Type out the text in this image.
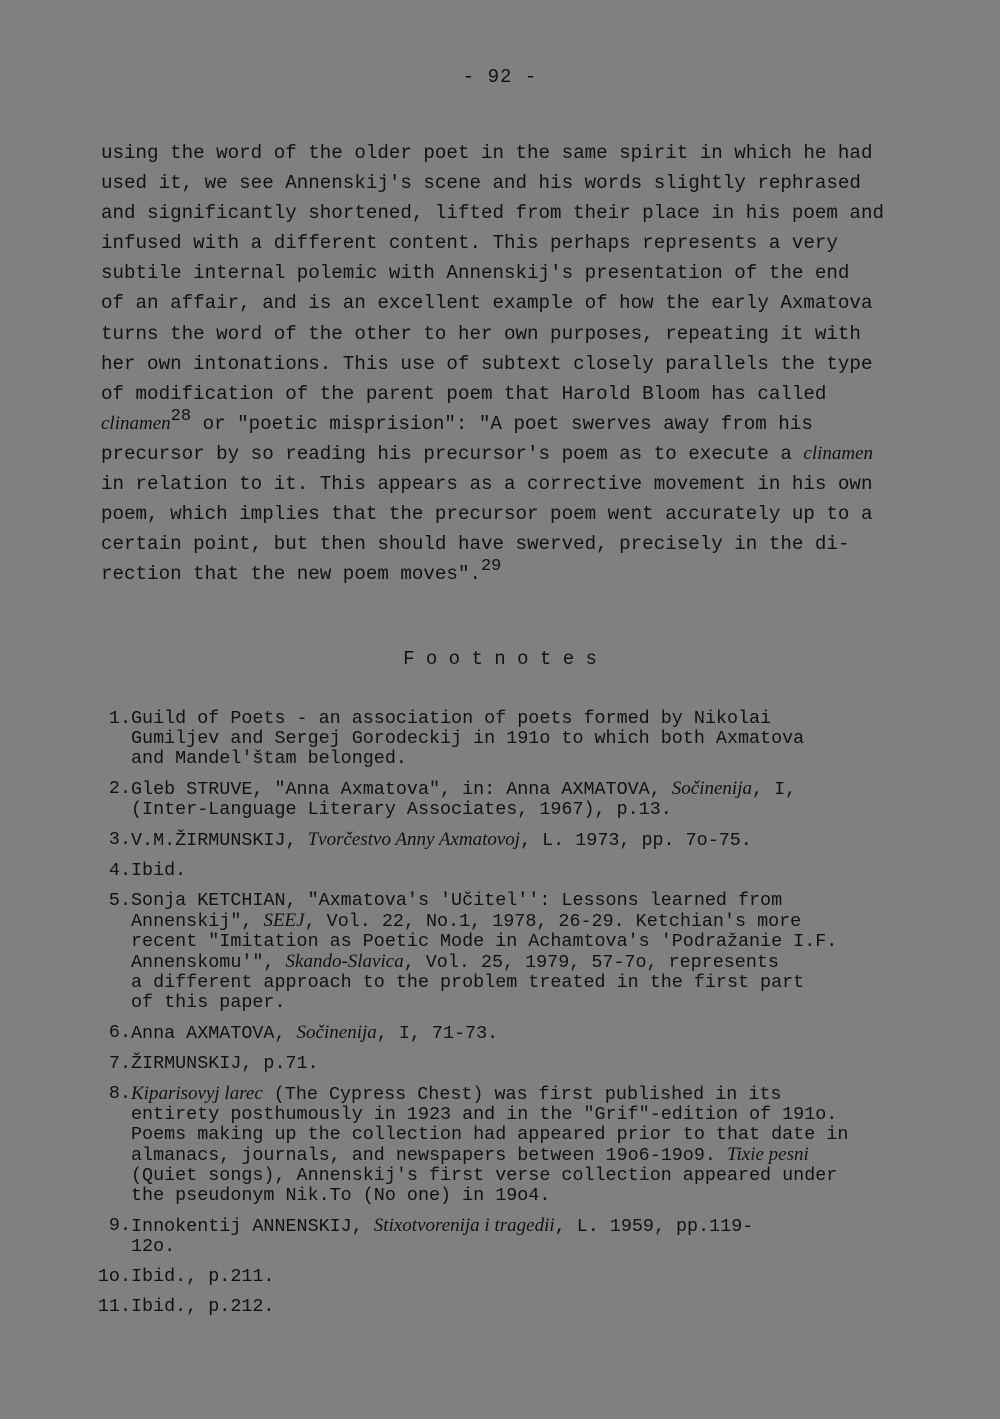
- 92 -
using the word of the older poet in the same spirit in which he had
used it, we see Annenskij's scene and his words slightly rephrased
and significantly shortened, lifted from their place in his poem and
infused with a different content. This perhaps represents a very
subtile internal polemic with Annenskij's presentation of the end
of an affair, and is an excellent example of how the early Axmatova
turns the word of the other to her own purposes, repeating it with
her own intonations. This use of subtext closely parallels the type
of modification of the parent poem that Harold Bloom has called
clinamen$^{28}$ or "poetic misprision": "A poet swerves away from his
precursor by so reading his precursor's poem as to execute a clinamen
in relation to it. This appears as a corrective movement in his own
poem, which implies that the precursor poem went accurately up to a
certain point, but then should have swerved, precisely in the di-
rection that the new poem moves".$^{29}$
F o o t n o t e s
1. Guild of Poets - an association of poets formed by Nikolai
Gumiljev and Sergej Gorodeckij in 191o to which both Axmatova
and Mandel'štam belonged.
2. Gleb STRUVE, "Anna Axmatova", in: Anna AXMATOVA, Sočinenija, I,
(Inter-Language Literary Associates, 1967), p.13.
3. V.M.ŽIRMUNSKIJ, Tvorčestvo Anny Axmatovoj, L. 1973, pp. 7o-75.
4. Ibid.
5. Sonja KETCHIAN, "Axmatova's 'Učitel'': Lessons learned from
Annenskij", SEEJ, Vol. 22, No.1, 1978, 26-29. Ketchian's more
recent "Imitation as Poetic Mode in Achamtova's 'Podražanie I.F.
Annenskomu'", Skando-Slavica, Vol. 25, 1979, 57-7o, represents
a different approach to the problem treated in the first part
of this paper.
6. Anna AXMATOVA, Sočinenija, I, 71-73.
7. ŽIRMUNSKIJ, p.71.
8. Kiparisovyj larec (The Cypress Chest) was first published in its
entirety posthumously in 1923 and in the "Grif"-edition of 191o.
Poems making up the collection had appeared prior to that date in
almanacs, journals, and newspapers between 19o6-19o9. Tixie pesni
(Quiet songs), Annenskij's first verse collection appeared under
the pseudonym Nik.To (No one) in 19o4.
9. Innokentij ANNENSKIJ, Stixotvorenija i tragedii, L. 1959, pp.119-
12o.
1o. Ibid., p.211.
11. Ibid., p.212.
